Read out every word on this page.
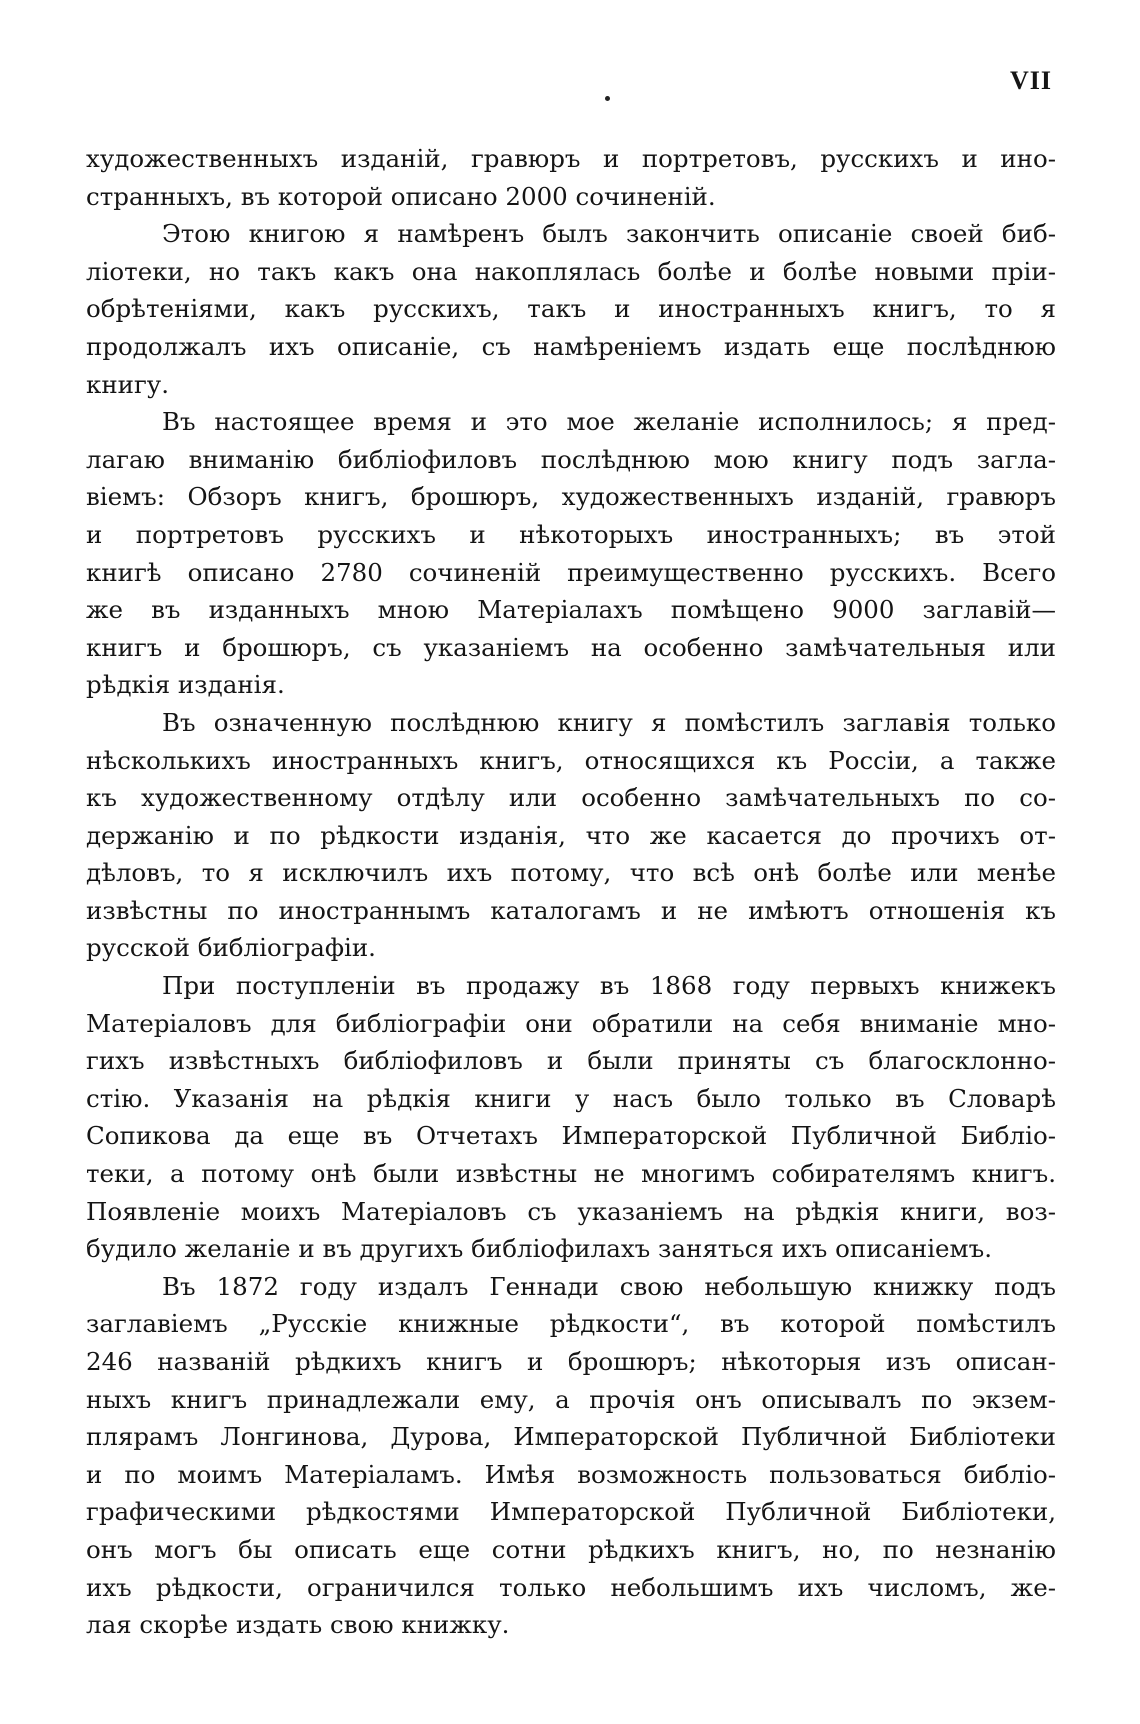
VII
художественныхъ изданій, гравюръ и портретовъ, русскихъ и ино-
странныхъ, въ которой описано 2000 сочиненій.
Этою книгою я намѣренъ былъ закончить описаніе своей биб-
ліотеки, но такъ какъ она накоплялась болѣе и болѣе новыми пріи-
обрѣтеніями, какъ русскихъ, такъ и иностранныхъ книгъ, то я
продолжалъ ихъ описаніе, съ намѣреніемъ издать еще послѣднюю
книгу.
Въ настоящее время и это мое желаніе исполнилось; я пред-
лагаю вниманію библіофиловъ послѣднюю мою книгу подъ загла-
віемъ: Обзоръ книгъ, брошюръ, художественныхъ изданій, гравюръ
и портретовъ русскихъ и нѣкоторыхъ иностранныхъ; въ этой
книгѣ описано 2780 сочиненій преимущественно русскихъ. Всего
же въ изданныхъ мною Матеріалахъ помѣщено 9000 заглавій—
книгъ и брошюръ, съ указаніемъ на особенно замѣчательныя или
рѣдкія изданія.
Въ означенную послѣднюю книгу я помѣстилъ заглавія только
нѣсколькихъ иностранныхъ книгъ, относящихся къ Россіи, а также
къ художественному отдѣлу или особенно замѣчательныхъ по со-
держанію и по рѣдкости изданія, что же касается до прочихъ от-
дѣловъ, то я исключилъ ихъ потому, что всѣ онѣ болѣе или менѣе
извѣстны по иностраннымъ каталогамъ и не имѣютъ отношенія къ
русской библіографіи.
При поступленіи въ продажу въ 1868 году первыхъ книжекъ
Матеріаловъ для библіографіи они обратили на себя вниманіе мно-
гихъ извѣстныхъ библіофиловъ и были приняты съ благосклонно-
стію. Указанія на рѣдкія книги у насъ было только въ Словарѣ
Сопикова да еще въ Отчетахъ Императорской Публичной Библіо-
теки, а потому онѣ были извѣстны не многимъ собирателямъ книгъ.
Появленіе моихъ Матеріаловъ съ указаніемъ на рѣдкія книги, воз-
будило желаніе и въ другихъ библіофилахъ заняться ихъ описаніемъ.
Въ 1872 году издалъ Геннади свою небольшую книжку подъ
заглавіемъ „Русскіе книжные рѣдкости“, въ которой помѣстилъ
246 названій рѣдкихъ книгъ и брошюръ; нѣкоторыя изъ описан-
ныхъ книгъ принадлежали ему, а прочія онъ описывалъ по экзем-
плярамъ Лонгинова, Дурова, Императорской Публичной Библіотеки
и по моимъ Матеріаламъ. Имѣя возможность пользоваться библіо-
графическими рѣдкостями Императорской Публичной Библіотеки,
онъ могъ бы описать еще сотни рѣдкихъ книгъ, но, по незнанію
ихъ рѣдкости, ограничился только небольшимъ ихъ числомъ, же-
лая скорѣе издать свою книжку.
